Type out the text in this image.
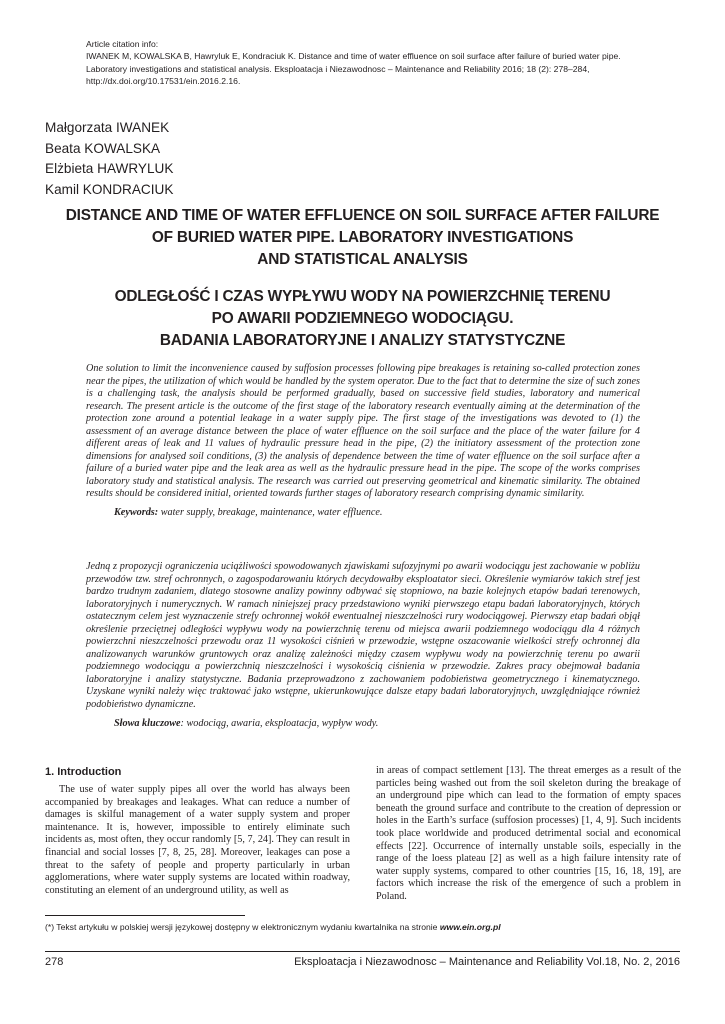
Article citation info:

IWANEK M, KOWALSKA B, Hawryluk E, Kondraciuk K. Distance and time of water effluence on soil surface after failure of buried water pipe. Laboratory investigations and statistical analysis. Eksploatacja i Niezawodnosc – Maintenance and Reliability 2016; 18 (2): 278–284, http://dx.doi.org/10.17531/ein.2016.2.16.

Małgorzata IWANEK
Beata KOWALSKA
Elżbieta HAWRYLUK
Kamil KONDRACIUK
DISTANCE AND TIME OF WATER EFFLUENCE ON SOIL SURFACE AFTER FAILURE
OF BURIED WATER PIPE. LABORATORY INVESTIGATIONS
AND STATISTICAL ANALYSIS
ODLEGŁOŚĆ I CZAS WYPŁYWU WODY NA POWIERZCHNIĘ TERENU
PO AWARII PODZIEMNEGO WODOCIĄGU.
BADANIA LABORATORYJNE I ANALIZY STATYSTYCZNE

One solution to limit the inconvenience caused by suffosion processes following pipe breakages is retaining so-called protection zones near the pipes, the utilization of which would be handled by the system operator. Due to the fact that to determine the size of such zones is a challenging task, the analysis should be performed gradually, based on successive field studies, laboratory and numerical research. The present article is the outcome of the first stage of the laboratory research eventually aiming at the determination of the protection zone around a potential leakage in a water supply pipe. The first stage of the investigations was devoted to (1) the assessment of an average distance between the place of water effluence on the soil surface and the place of the water failure for 4 different areas of leak and 11 values of hydraulic pressure head in the pipe, (2) the initiatory assessment of the protection zone dimensions for analysed soil conditions, (3) the analysis of dependence between the time of water effluence on the soil surface after a failure of a buried water pipe and the leak area as well as the hydraulic pressure head in the pipe. The scope of the works comprises laboratory study and statistical analysis. The research was carried out preserving geometrical and kinematic similarity. The obtained results should be considered initial, oriented towards further stages of laboratory research comprising dynamic similarity.

Keywords: water supply, breakage, maintenance, water effluence.

Jedną z propozycji ograniczenia uciążliwości spowodowanych zjawiskami sufozyjnymi po awarii wodociągu jest zachowanie w pobliżu przewodów tzw. stref ochronnych, o zagospodarowaniu których decydowałby eksploatator sieci. Określenie wymiarów takich stref jest bardzo trudnym zadaniem, dlatego stosowne analizy powinny odbywać się stopniowo, na bazie kolejnych etapów badań terenowych, laboratoryjnych i numerycznych. W ramach niniejszej pracy przedstawiono wyniki pierwszego etapu badań laboratoryjnych, których ostatecznym celem jest wyznaczenie strefy ochronnej wokół ewentualnej nieszczelności rury wodociągowej. Pierwszy etap badań objął określenie przeciętnej odległości wypływu wody na powierzchnię terenu od miejsca awarii podziemnego wodociągu dla 4 różnych powierzchni nieszczelności przewodu oraz 11 wysokości ciśnień w przewodzie, wstępne oszacowanie wielkości strefy ochronnej dla analizowanych warunków gruntowych oraz analizę zależności między czasem wypływu wody na powierzchnię terenu po awarii podziemnego wodociągu a powierzchnią nieszczelności i wysokością ciśnienia w przewodzie. Zakres pracy obejmował badania laboratoryjne i analizy statystyczne. Badania przeprowadzono z zachowaniem podobieństwa geometrycznego i kinematycznego. Uzyskane wyniki należy więc traktować jako wstępne, ukierunkowujące dalsze etapy badań laboratoryjnych, uwzględniające również podobieństwo dynamiczne.

Słowa kluczowe: wodociąg, awaria, eksploatacja, wypływ wody.

1. Introduction

The use of water supply pipes all over the world has always been accompanied by breakages and leakages. What can reduce a number of damages is skilful management of a water supply system and proper maintenance. It is, however, impossible to entirely eliminate such incidents as, most often, they occur randomly [5, 7, 24]. They can result in financial and social losses [7, 8, 25, 28]. Moreover, leakages can pose a threat to the safety of people and property particularly in urban agglomerations, where water supply systems are located within roadway, constituting an element of an underground utility, as well as

in areas of compact settlement [13]. The threat emerges as a result of the particles being washed out from the soil skeleton during the breakage of an underground pipe which can lead to the formation of empty spaces beneath the ground surface and contribute to the creation of depression or holes in the Earth’s surface (suffosion processes) [1, 4, 9]. Such incidents took place worldwide and produced detrimental social and economical effects [22]. Occurrence of internally unstable soils, especially in the range of the loess plateau [2] as well as a high failure intensity rate of water supply systems, compared to other countries [15, 16, 18, 19], are factors which increase the risk of the emergence of such a problem in Poland.

(*) Tekst artykułu w polskiej wersji językowej dostępny w elektronicznym wydaniu kwartalnika na stronie www.ein.org.pl
278	Eksploatacja i Niezawodnosc – Maintenance and Reliability Vol.18, No. 2, 2016
